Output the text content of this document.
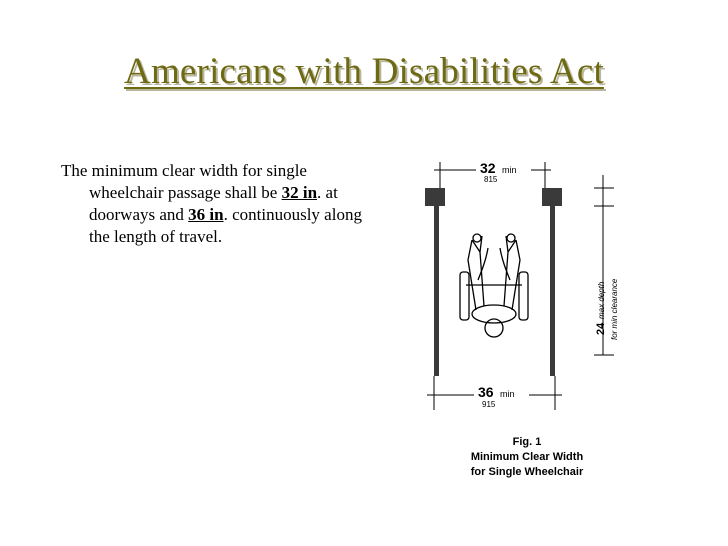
Americans with Disabilities Act

The minimum clear width for single wheelchair passage shall be 32 in. at doorways and 36 in. continuously along the length of travel.

32 min
815
36 min
915
24
max depth for min clearance
Fig. 1
Minimum Clear Width
for Single Wheelchair
